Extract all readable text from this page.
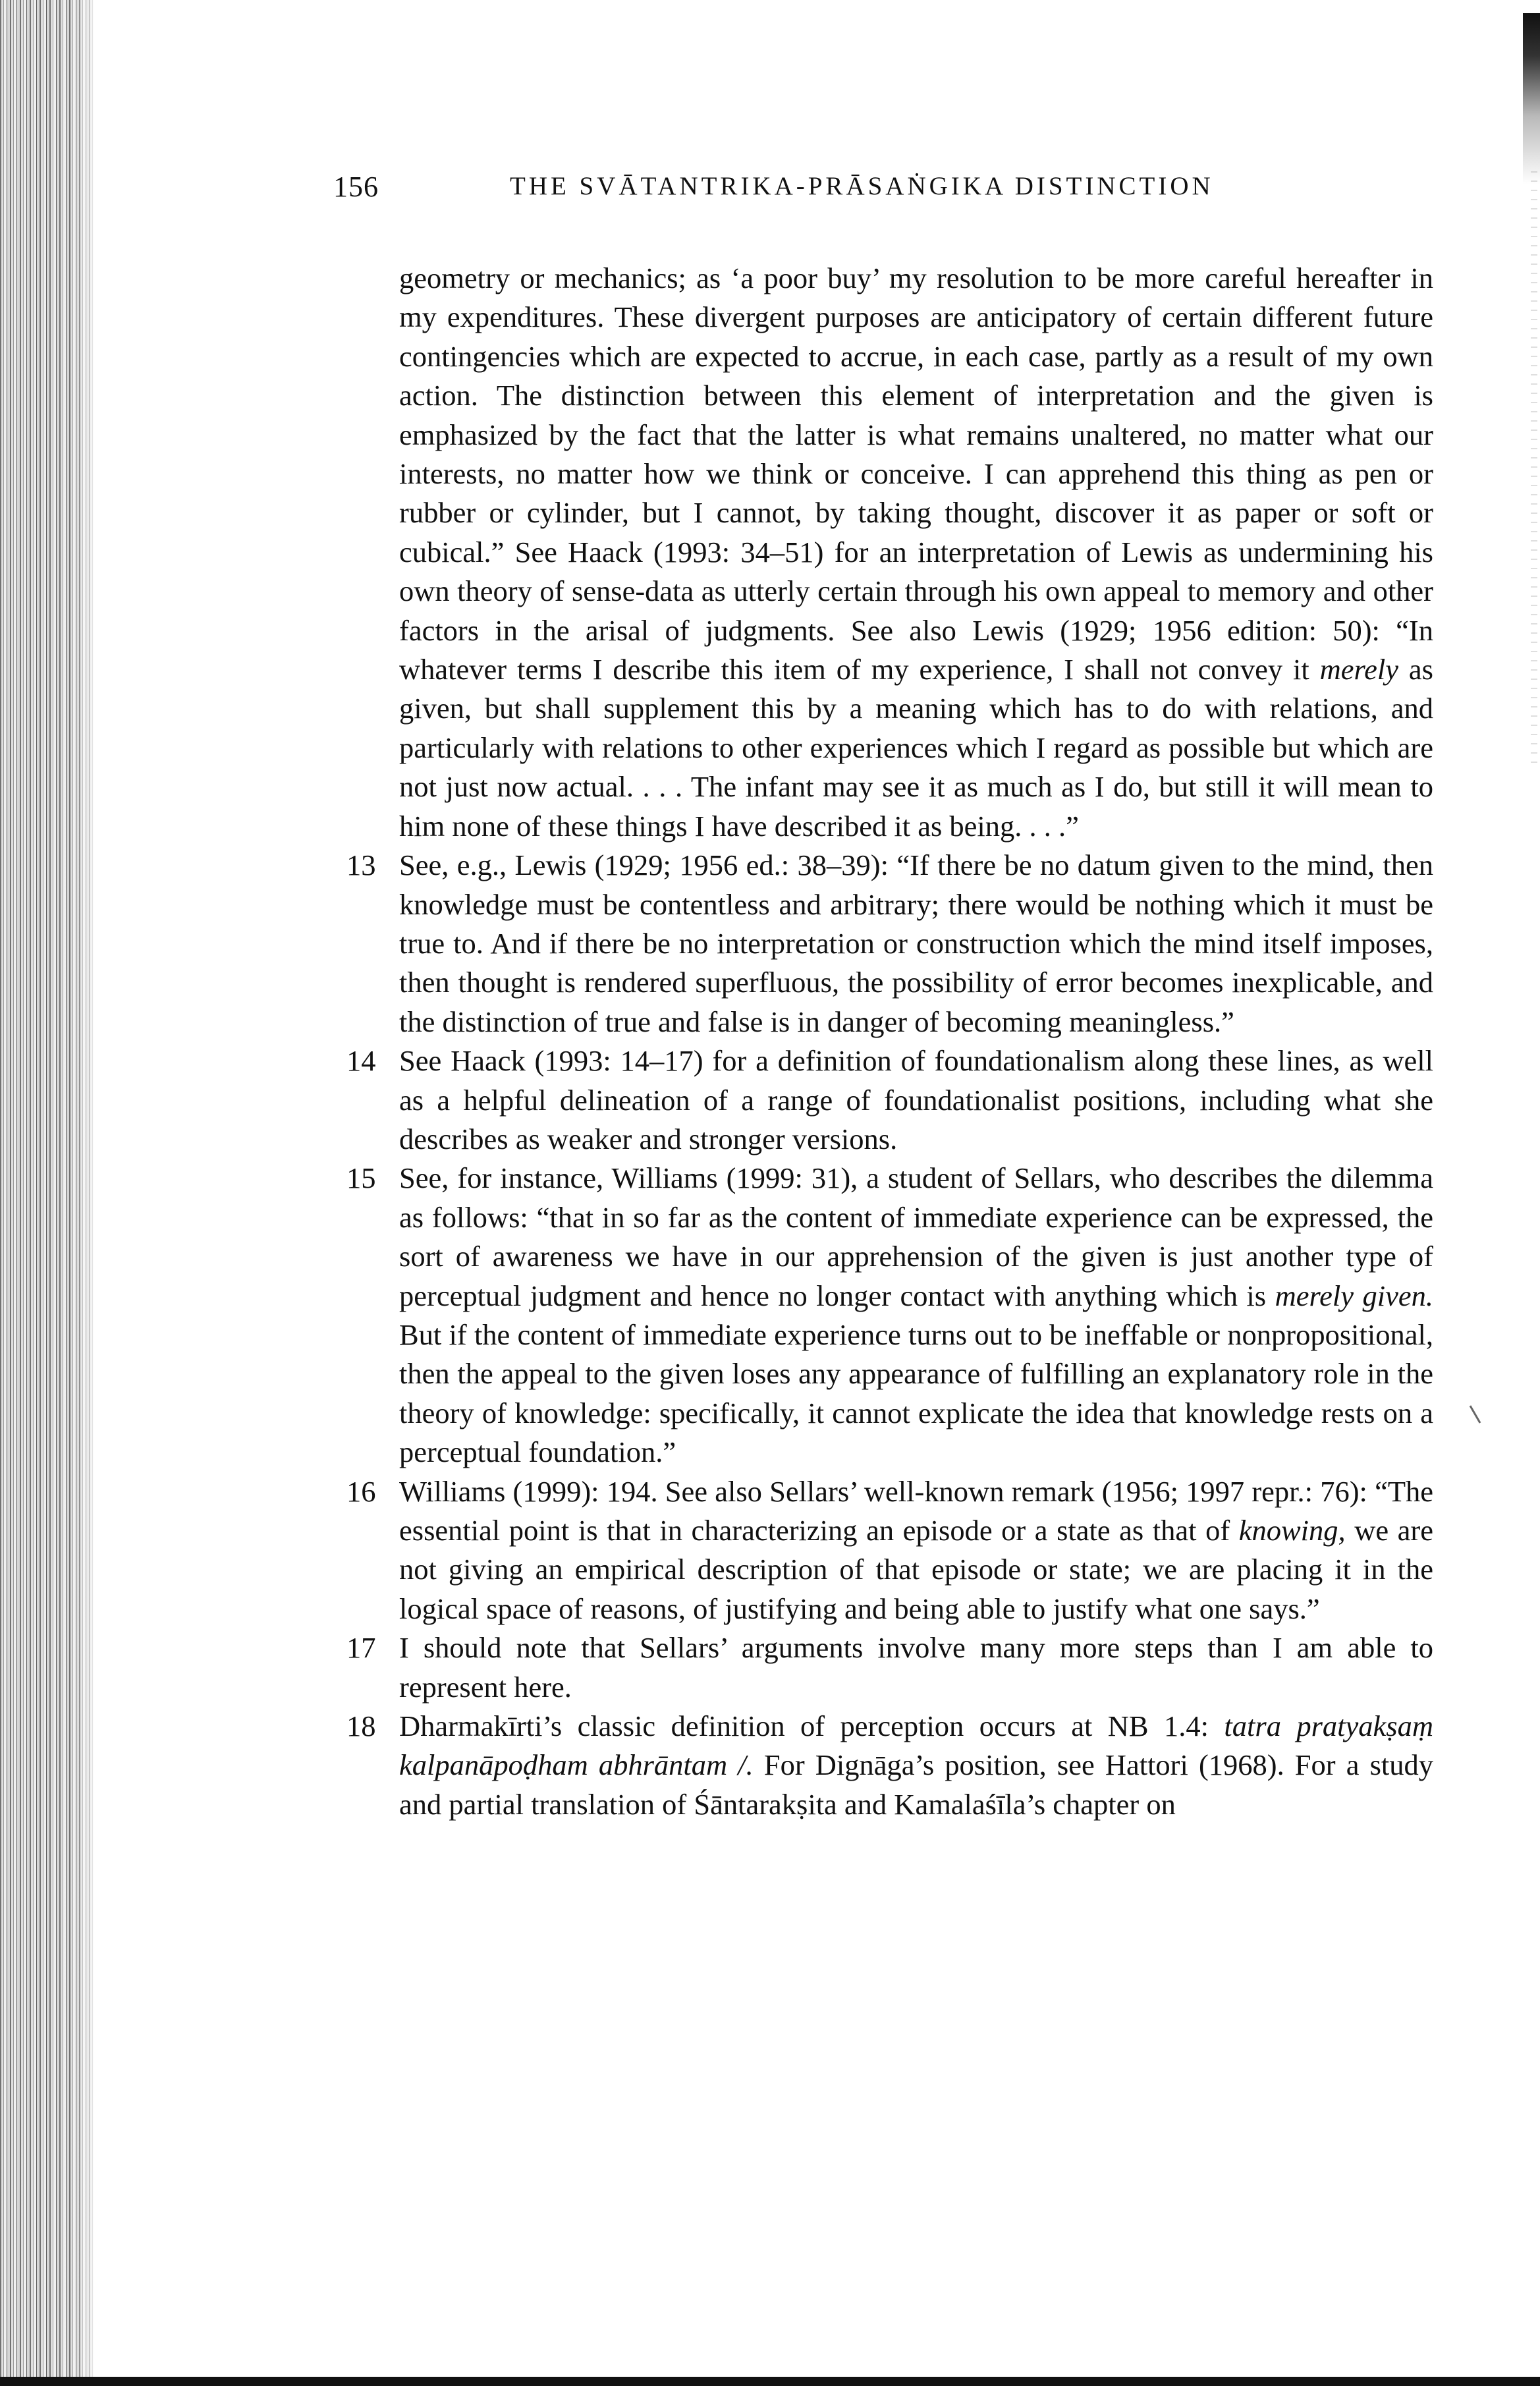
156	THE SVĀTANTRIKA-PRĀSAṄGIKA DISTINCTION

geometry or mechanics; as ‘a poor buy’ my resolution to be more careful hereafter in my expenditures. These divergent purposes are anticipatory of certain different future contingencies which are expected to accrue, in each case, partly as a result of my own action. The distinction between this element of interpretation and the given is emphasized by the fact that the latter is what remains unaltered, no matter what our interests, no matter how we think or conceive. I can apprehend this thing as pen or rubber or cylinder, but I cannot, by taking thought, discover it as paper or soft or cubical.” See Haack (1993: 34–51) for an interpretation of Lewis as undermining his own theory of sense-data as utterly certain through his own appeal to memory and other factors in the arisal of judgments. See also Lewis (1929; 1956 edition: 50): “In whatever terms I describe this item of my experience, I shall not convey it merely as given, but shall supplement this by a meaning which has to do with relations, and particularly with relations to other experiences which I regard as possible but which are not just now actual. . . . The infant may see it as much as I do, but still it will mean to him none of these things I have described it as being. . . .”

13 See, e.g., Lewis (1929; 1956 ed.: 38–39): “If there be no datum given to the mind, then knowledge must be contentless and arbitrary; there would be nothing which it must be true to. And if there be no interpretation or construction which the mind itself imposes, then thought is rendered superfluous, the possibility of error becomes inexplicable, and the distinction of true and false is in danger of becoming meaningless.”

14 See Haack (1993: 14–17) for a definition of foundationalism along these lines, as well as a helpful delineation of a range of foundationalist positions, including what she describes as weaker and stronger versions.

15 See, for instance, Williams (1999: 31), a student of Sellars, who describes the dilemma as follows: “that in so far as the content of immediate experience can be expressed, the sort of awareness we have in our apprehension of the given is just another type of perceptual judgment and hence no longer contact with anything which is merely given. But if the content of immediate experience turns out to be ineffable or nonpropositional, then the appeal to the given loses any appearance of fulfilling an explanatory role in the theory of knowledge: specifically, it cannot explicate the idea that knowledge rests on a perceptual foundation.”

16 Williams (1999): 194. See also Sellars’ well-known remark (1956; 1997 repr.: 76): “The essential point is that in characterizing an episode or a state as that of knowing, we are not giving an empirical description of that episode or state; we are placing it in the logical space of reasons, of justifying and being able to justify what one says.”

17 I should note that Sellars’ arguments involve many more steps than I am able to represent here.

18 Dharmakīrti’s classic definition of perception occurs at NB 1.4: tatra pratyakṣaṃ kalpanāpoḍham abhrāntam /. For Dignāga’s position, see Hattori (1968). For a study and partial translation of Śāntarakṣita and Kamalaśīla’s chapter on
